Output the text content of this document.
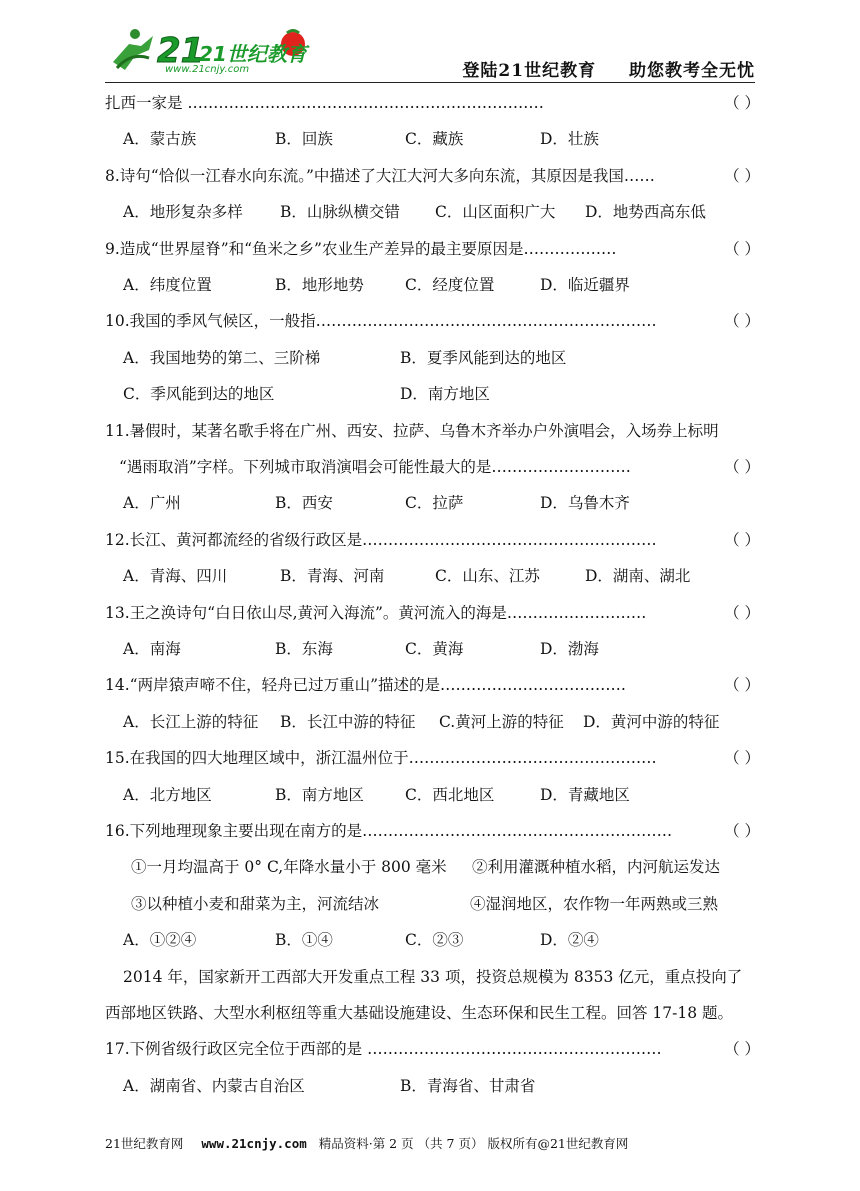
21
21世纪教育
www.21cnjy.com	登陆21世纪教育 助您教考全无忧
扎西一家是 ……………………………………………………………	（ ）
A．蒙古族	B．回族	C．藏族	D．壮族
8.诗句“恰似一江春水向东流。”中描述了大江大河大多向东流，其原因是我国……	（ ）
A．地形复杂多样 B．山脉纵横交错 C．山区面积广大 D．地势西高东低
9.造成“世界屋脊”和“鱼米之乡”农业生产差异的最主要原因是………………	（ ）
A．纬度位置	B．地形地势	C．经度位置	D．临近疆界
10.我国的季风气候区，一般指…………………………………………………………	（ ）
A．我国地势的第二、三阶梯	B．夏季风能到达的地区
C．季风能到达的地区	D．南方地区
11.暑假时，某著名歌手将在广州、西安、拉萨、乌鲁木齐举办户外演唱会，入场券上标明
“遇雨取消”字样。下列城市取消演唱会可能性最大的是………………………	（ ）
A．广州	B．西安	C．拉萨	D．乌鲁木齐
12.长江、黄河都流经的省级行政区是…………………………………………………	（ ）
A．青海、四川	B．青海、河南	C．山东、江苏	D．湖南、湖北
13.王之涣诗句“白日依山尽,黄河入海流”。黄河流入的海是………………………	（ ）
A．南海	B．东海	C．黄海	D．渤海
14.“两岸猿声啼不住，轻舟已过万重山”描述的是………………………………	（ ）
A．长江上游的特征 B．长江中游的特征 C.黄河上游的特征 D．黄河中游的特征
15.在我国的四大地理区域中，浙江温州位于…………………………………………	（ ）
A．北方地区	B．南方地区	C．西北地区	D．青藏地区
16.下列地理现象主要出现在南方的是……………………………………………………	（ ）
①一月均温高于 0° C,年降水量小于 800 毫米 ②利用灌溉种植水稻，内河航运发达
③以种植小麦和甜菜为主，河流结冰	④湿润地区，农作物一年两熟或三熟
A．①②④	B．①④	C．②③	D．②④
2014 年，国家新开工西部大开发重点工程 33 项，投资总规模为 8353 亿元，重点投向了
西部地区铁路、大型水利枢纽等重大基础设施建设、生态环保和民生工程。回答 17-18 题。
17.下例省级行政区完全位于西部的是 …………………………………………………	（ ）
A．湖南省、内蒙古自治区	B．青海省、甘肃省
21世纪教育网 www.21cnjy.com 精品资料·第 2 页 （共 7 页） 版权所有@21世纪教育网
